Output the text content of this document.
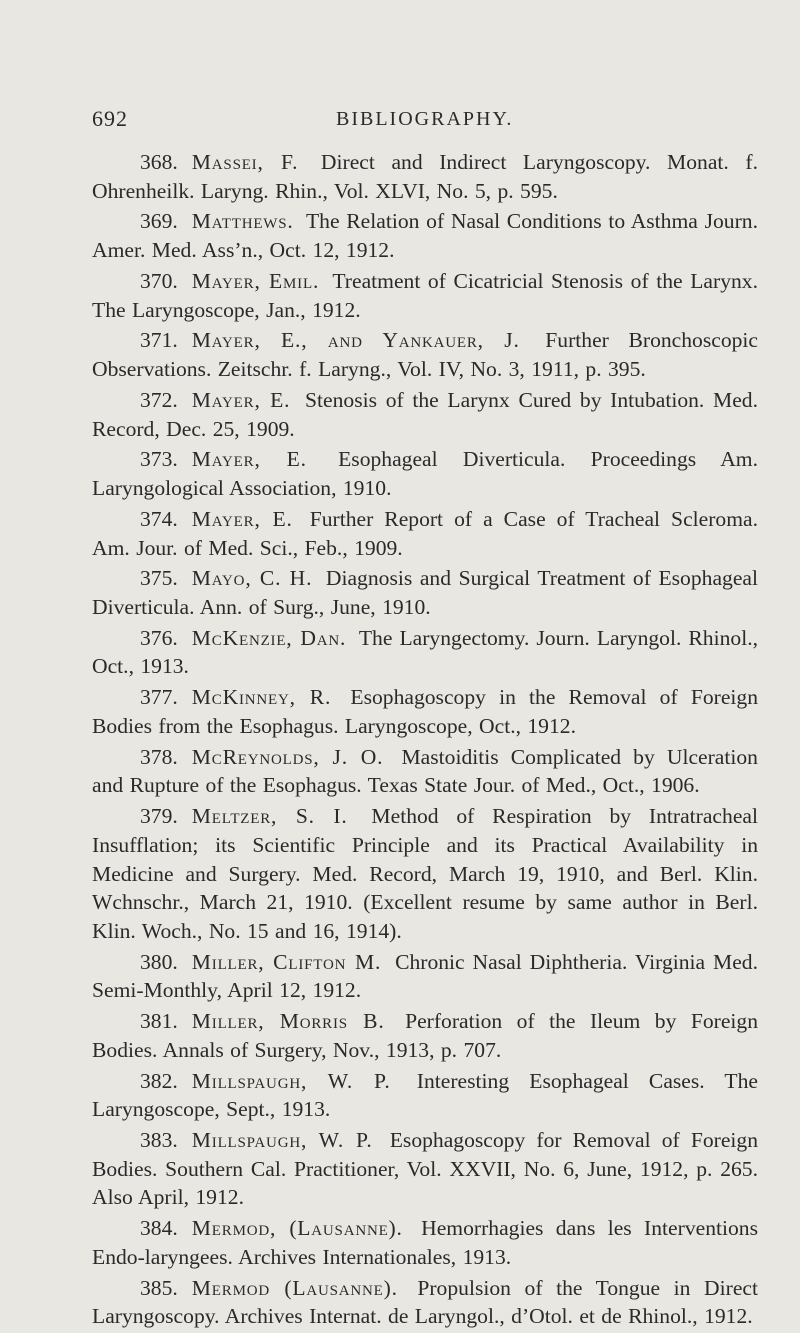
692	BIBLIOGRAPHY.

368. Massei, F. Direct and Indirect Laryngoscopy. Monat. f. Ohrenheilk. Laryng. Rhin., Vol. XLVI, No. 5, p. 595.

369. Matthews. The Relation of Nasal Conditions to Asthma Journ. Amer. Med. Ass’n., Oct. 12, 1912.

370. Mayer, Emil. Treatment of Cicatricial Stenosis of the Larynx. The Laryngoscope, Jan., 1912.

371. Mayer, E., and Yankauer, J. Further Bronchoscopic Observations. Zeitschr. f. Laryng., Vol. IV, No. 3, 1911, p. 395.

372. Mayer, E. Stenosis of the Larynx Cured by Intubation. Med. Record, Dec. 25, 1909.

373. Mayer, E. Esophageal Diverticula. Proceedings Am. Laryngological Association, 1910.

374. Mayer, E. Further Report of a Case of Tracheal Scleroma. Am. Jour. of Med. Sci., Feb., 1909.

375. Mayo, C. H. Diagnosis and Surgical Treatment of Esophageal Diverticula. Ann. of Surg., June, 1910.

376. McKenzie, Dan. The Laryngectomy. Journ. Laryngol. Rhinol., Oct., 1913.

377. McKinney, R. Esophagoscopy in the Removal of Foreign Bodies from the Esophagus. Laryngoscope, Oct., 1912.

378. McReynolds, J. O. Mastoiditis Complicated by Ulceration and Rupture of the Esophagus. Texas State Jour. of Med., Oct., 1906.

379. Meltzer, S. I. Method of Respiration by Intratracheal Insufflation; its Scientific Principle and its Practical Availability in Medicine and Surgery. Med. Record, March 19, 1910, and Berl. Klin. Wchnschr., March 21, 1910. (Excellent resume by same author in Berl. Klin. Woch., No. 15 and 16, 1914).

380. Miller, Clifton M. Chronic Nasal Diphtheria. Virginia Med. Semi-Monthly, April 12, 1912.

381. Miller, Morris B. Perforation of the Ileum by Foreign Bodies. Annals of Surgery, Nov., 1913, p. 707.

382. Millspaugh, W. P. Interesting Esophageal Cases. The Laryngoscope, Sept., 1913.

383. Millspaugh, W. P. Esophagoscopy for Removal of Foreign Bodies. Southern Cal. Practitioner, Vol. XXVII, No. 6, June, 1912, p. 265. Also April, 1912.

384. Mermod, (Lausanne). Hemorrhagies dans les Interventions Endo-laryngees. Archives Internationales, 1913.

385. Mermod (Lausanne). Propulsion of the Tongue in Direct Laryngoscopy. Archives Internat. de Laryngol., d’Otol. et de Rhinol., 1912.
